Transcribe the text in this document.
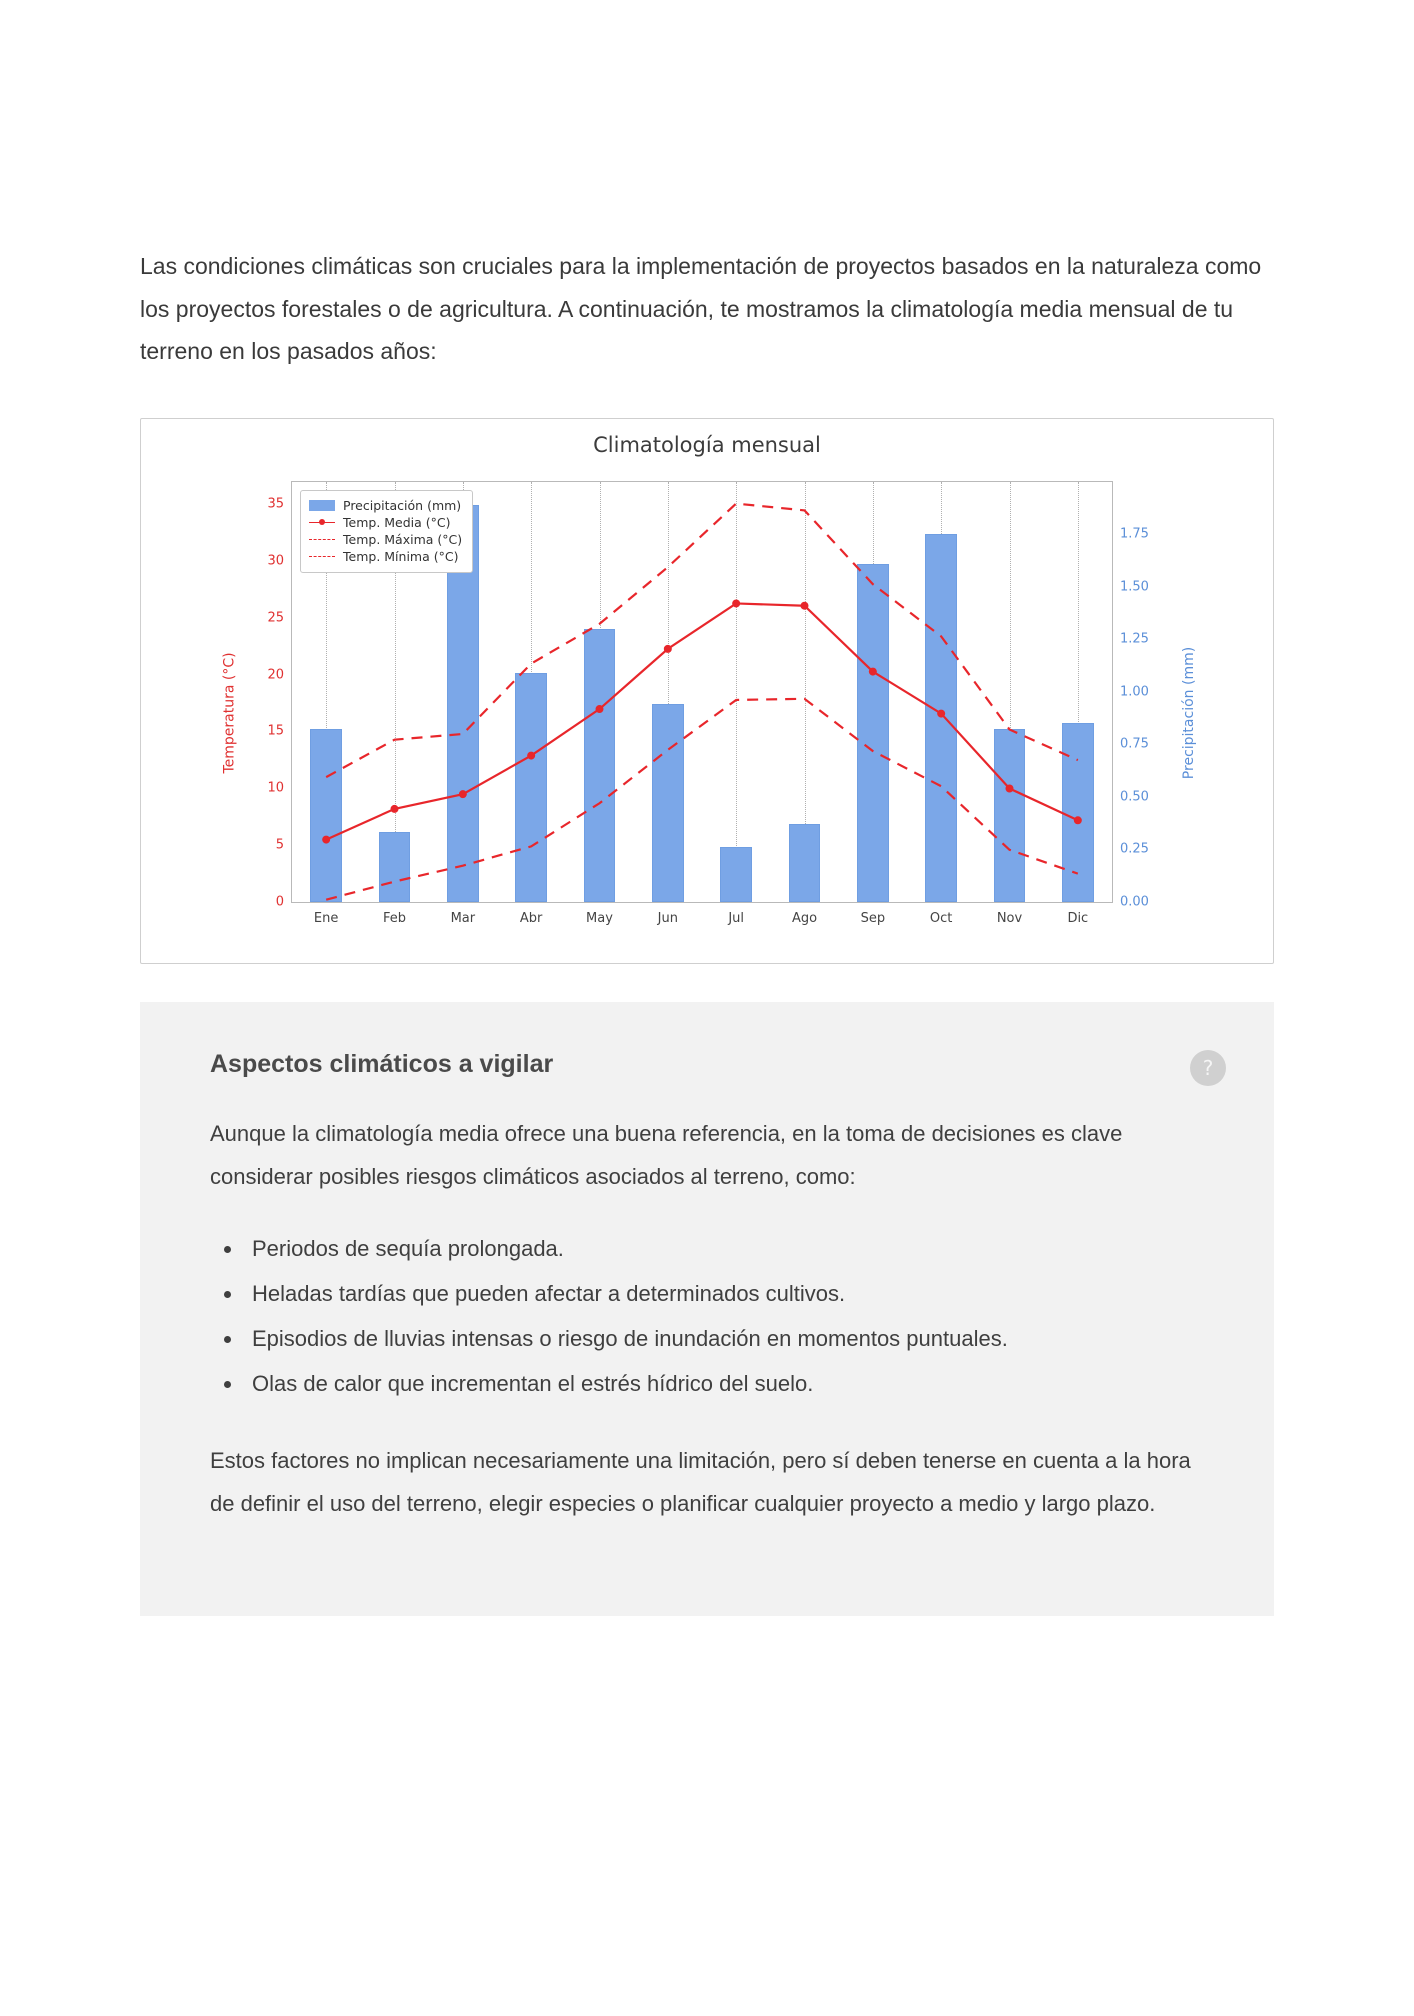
Las condiciones climáticas son cruciales para la implementación de proyectos basados en la naturaleza como los proyectos forestales o de agricultura. A continuación, te mostramos la climatología media mensual de tu terreno en los pasados años:

Climatología mensual
Temperatura (°C)	Precipitación (mm)
Precipitación (mm)
Temp. Media (°C)
Temp. Máxima (°C)
Temp. Mínima (°C)
Ene	Feb	Mar	Abr	May	Jun	Jul	Ago	Sep	Oct	Nov	Dic
0
5
10
15
20
25
30
35
0.00
0.25
0.50
0.75
1.00
1.25
1.50
1.75
?
Aspectos climáticos a vigilar

Aunque la climatología media ofrece una buena referencia, en la toma de decisiones es clave considerar posibles riesgos climáticos asociados al terreno, como:

• Periodos de sequía prolongada.
• Heladas tardías que pueden afectar a determinados cultivos.
• Episodios de lluvias intensas o riesgo de inundación en momentos puntuales.
• Olas de calor que incrementan el estrés hídrico del suelo.

Estos factores no implican necesariamente una limitación, pero sí deben tenerse en cuenta a la hora de definir el uso del terreno, elegir especies o planificar cualquier proyecto a medio y largo plazo.
